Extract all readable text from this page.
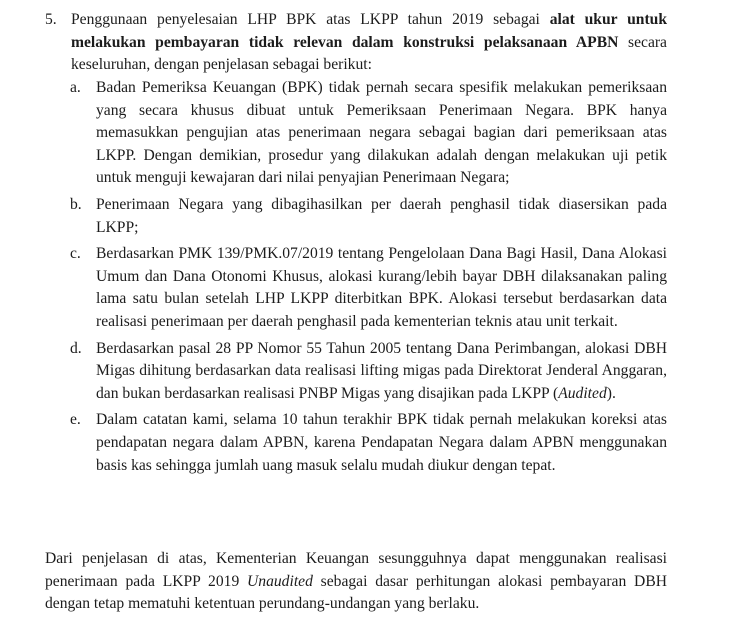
5. Penggunaan penyelesaian LHP BPK atas LKPP tahun 2019 sebagai alat ukur untuk melakukan pembayaran tidak relevan dalam konstruksi pelaksanaan APBN secara keseluruhan, dengan penjelasan sebagai berikut:
a. Badan Pemeriksa Keuangan (BPK) tidak pernah secara spesifik melakukan pemeriksaan yang secara khusus dibuat untuk Pemeriksaan Penerimaan Negara. BPK hanya memasukkan pengujian atas penerimaan negara sebagai bagian dari pemeriksaan atas LKPP. Dengan demikian, prosedur yang dilakukan adalah dengan melakukan uji petik untuk menguji kewajaran dari nilai penyajian Penerimaan Negara;
b. Penerimaan Negara yang dibagihasilkan per daerah penghasil tidak diasersikan pada LKPP;
c. Berdasarkan PMK 139/PMK.07/2019 tentang Pengelolaan Dana Bagi Hasil, Dana Alokasi Umum dan Dana Otonomi Khusus, alokasi kurang/lebih bayar DBH dilaksanakan paling lama satu bulan setelah LHP LKPP diterbitkan BPK. Alokasi tersebut berdasarkan data realisasi penerimaan per daerah penghasil pada kementerian teknis atau unit terkait.
d. Berdasarkan pasal 28 PP Nomor 55 Tahun 2005 tentang Dana Perimbangan, alokasi DBH Migas dihitung berdasarkan data realisasi lifting migas pada Direktorat Jenderal Anggaran, dan bukan berdasarkan realisasi PNBP Migas yang disajikan pada LKPP (Audited).
e. Dalam catatan kami, selama 10 tahun terakhir BPK tidak pernah melakukan koreksi atas pendapatan negara dalam APBN, karena Pendapatan Negara dalam APBN menggunakan basis kas sehingga jumlah uang masuk selalu mudah diukur dengan tepat.
Dari penjelasan di atas, Kementerian Keuangan sesungguhnya dapat menggunakan realisasi penerimaan pada LKPP 2019 Unaudited sebagai dasar perhitungan alokasi pembayaran DBH dengan tetap mematuhi ketentuan perundang-undangan yang berlaku.
